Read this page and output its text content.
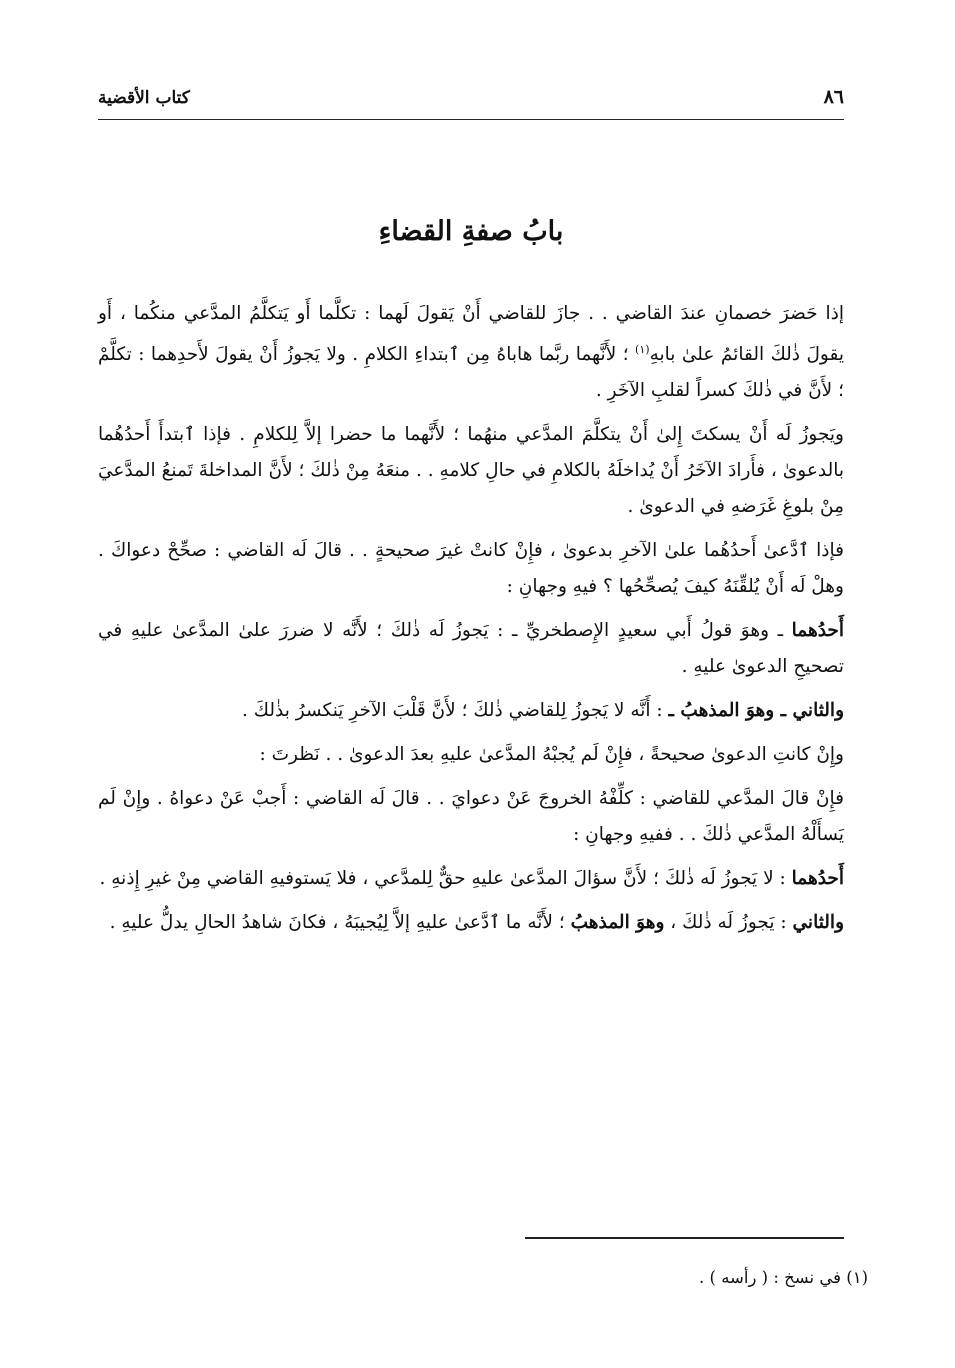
٨٦
كتاب الأقضية
بابُ صفةِ القضاءِ

إذا حَضرَ خصمانِ عندَ القاضي . . جازَ للقاضي أَنْ يَقولَ لَهما : تكلَّما أَو يَتكلَّمُ المدَّعي منكُما ، أَو يقولَ ذٰلكَ القائمُ علىٰ بابهِ$^{(١)}$ ؛ لأَنَّهما ربَّما هاباهُ مِن ٱبتداءِ الكلامِ . ولا يَجوزُ أَنْ يقولَ لأَحدِهما : تكلَّمْ ؛ لأَنَّ في ذٰلكَ كسراً لقلبِ الآخَرِ .

ويَجوزُ لَه أَنْ يسكتَ إِلىٰ أَنْ يتكلَّمَ المدَّعي منهُما ؛ لأَنَّهما ما حضرا إلاَّ لِلكلامِ . فإذا ٱبتدأَ أَحدُهُما بالدعوىٰ ، فأَرادَ الآخَرُ أَنْ يُداخلَهُ بالكلامِ في حالِ كلامهِ . . منعَهُ مِنْ ذٰلكَ ؛ لأَنَّ المداخلةَ تَمنعُ المدَّعيَ مِنْ بلوغِ غَرَضهِ في الدعوىٰ .

فإذا ٱدَّعىٰ أَحدُهُما علىٰ الآخرِ بدعوىٰ ، فإِنْ كانتْ غيرَ صحيحةٍ . . قالَ لَه القاضي : صحِّحْ دعواكَ . وهلْ لَه أَنْ يُلقِّنَهُ كيفَ يُصحِّحُها ؟ فيهِ وجهانِ :

أَحدُهما ـ وهوَ قولُ أَبي سعيدٍ الإِصطخريِّ ـ : يَجوزُ لَه ذٰلكَ ؛ لأَنَّه لا ضررَ علىٰ المدَّعىٰ عليهِ في تصحيحِ الدعوىٰ عليهِ .

والثاني ـ وهوَ المذهبُ ـ : أَنَّه لا يَجوزُ لِلقاضي ذٰلكَ ؛ لأَنَّ قَلْبَ الآخرِ يَنكسرُ بذٰلكَ .

وإِنْ كانتِ الدعوىٰ صحيحةً ، فإِنْ لَم يُجبْهُ المدَّعىٰ عليهِ بعدَ الدعوىٰ . . نَظرتَ :

فإِنْ قالَ المدَّعي للقاضي : كلِّفْهُ الخروجَ عَنْ دعوايَ . . قالَ لَه القاضي : أَجبْ عَنْ دعواهُ . وإِنْ لَم يَسأَلْهُ المدَّعي ذٰلكَ . . ففيهِ وجهانِ :

أَحدُهما : لا يَجوزُ لَه ذٰلكَ ؛ لأَنَّ سؤالَ المدَّعىٰ عليهِ حقٌّ لِلمدَّعي ، فلا يَستوفيهِ القاضي مِنْ غيرِ إِذنهِ .

والثاني : يَجوزُ لَه ذٰلكَ ، وهوَ المذهبُ ؛ لأَنَّه ما ٱدَّعىٰ عليهِ إلاَّ لِيُجيبَهُ ، فكانَ شاهدُ الحالِ يدلُّ عليهِ .

(١) في نسخ : ( رأسه ) .
